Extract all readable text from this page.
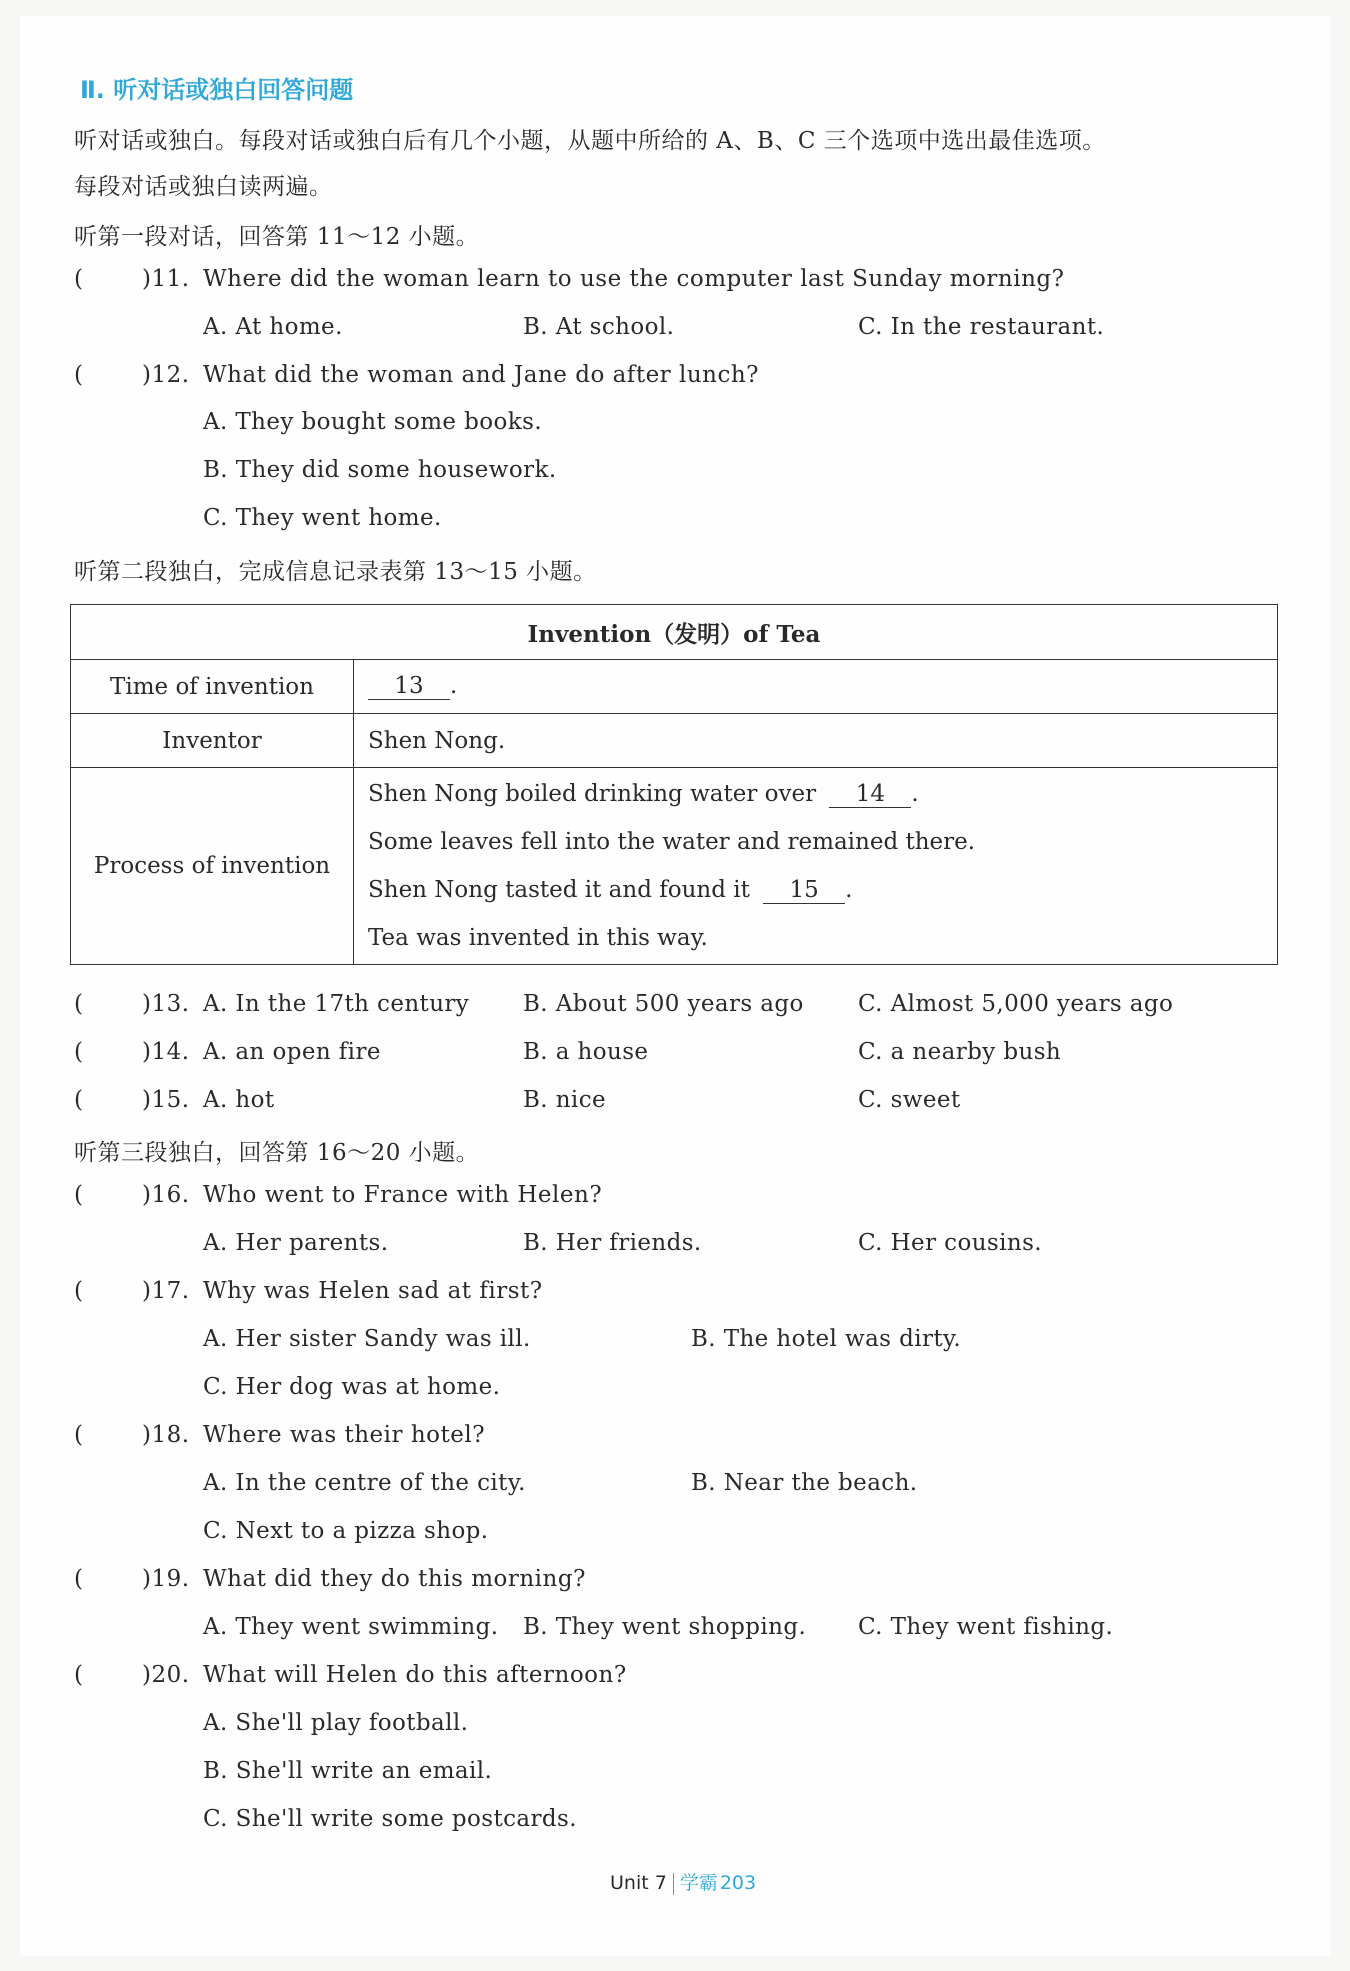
Ⅱ. 听对话或独白回答问题
听对话或独白。每段对话或独白后有几个小题，从题中所给的 A、B、C 三个选项中选出最佳选项。
每段对话或独白读两遍。
听第一段对话，回答第 11～12 小题。
(	)11. Where did the woman learn to use the computer last Sunday morning?
A. At home.	B. At school.	C. In the restaurant.
(	)12. What did the woman and Jane do after lunch?
A. They bought some books.
B. They did some housework.
C. They went home.
听第二段独白，完成信息记录表第 13～15 小题。
Invention（发明）of Tea	
Time of invention	13 .
Inventor	Shen Nong.
Process of invention	Shen Nong boiled drinking water over 14 .
Some leaves fell into the water and remained there.
Shen Nong tasted it and found it 15 .
Tea was invented in this way.
(	)13. A. In the 17th century B. About 500 years ago C. Almost 5,000 years ago
(	)14. A. an open fire	B. a house	C. a nearby bush
(	)15. A. hot	B. nice	C. sweet
听第三段独白，回答第 16～20 小题。
(	)16. Who went to France with Helen?
A. Her parents.	B. Her friends.	C. Her cousins.
(	)17. Why was Helen sad at first?
A. Her sister Sandy was ill.	B. The hotel was dirty.
C. Her dog was at home.
(	)18. Where was their hotel?
A. In the centre of the city.	B. Near the beach.
C. Next to a pizza shop.
(	)19. What did they do this morning?
A. They went swimming. B. They went shopping. C. They went fishing.
(	)20. What will Helen do this afternoon?
A. She'll play football.
B. She'll write an email.
C. She'll write some postcards.
Unit 7 学霸 203
